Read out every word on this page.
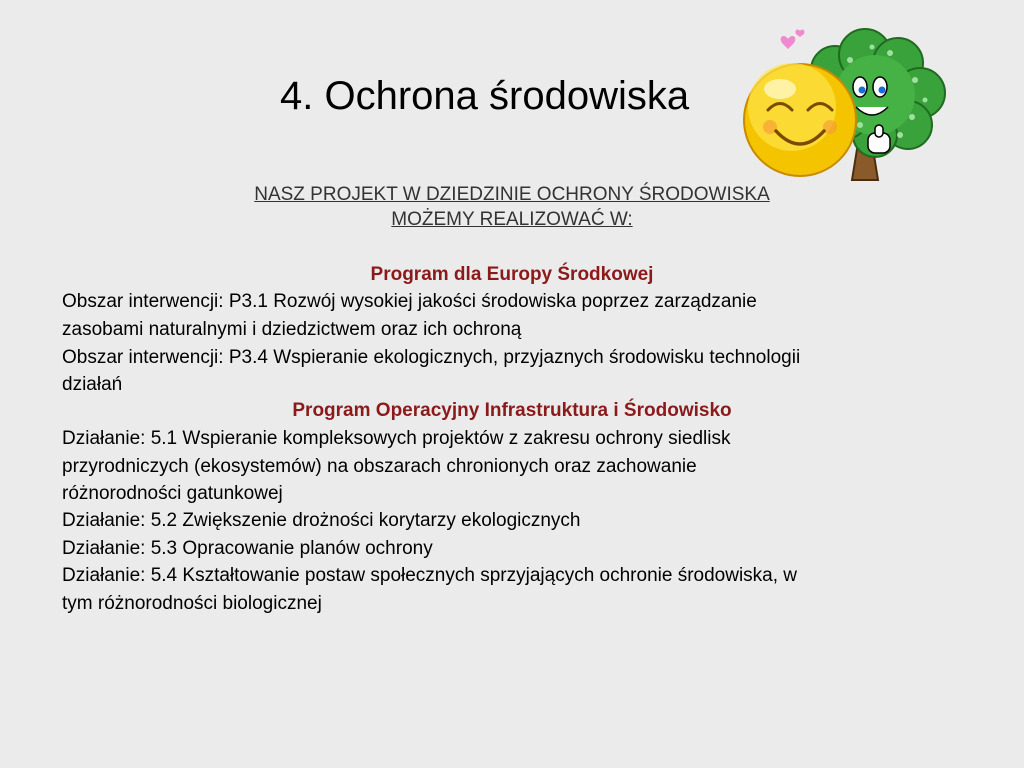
4. Ochrona środowiska
NASZ PROJEKT W DZIEDZINIE OCHRONY ŚRODOWISKA
MOŻEMY REALIZOWAĆ W:
Program dla Europy Środkowej
Obszar interwencji: P3.1 Rozwój wysokiej jakości środowiska poprzez zarządzanie
zasobami naturalnymi i dziedzictwem oraz ich ochroną
Obszar interwencji: P3.4 Wspieranie ekologicznych, przyjaznych środowisku technologii
działań
Program Operacyjny Infrastruktura i Środowisko
Działanie: 5.1 Wspieranie kompleksowych projektów z zakresu ochrony siedlisk
przyrodniczych (ekosystemów) na obszarach chronionych oraz zachowanie
różnorodności gatunkowej
Działanie: 5.2 Zwiększenie drożności korytarzy ekologicznych
Działanie: 5.3 Opracowanie planów ochrony
Działanie: 5.4 Kształtowanie postaw społecznych sprzyjających ochronie środowiska, w
tym różnorodności biologicznej
